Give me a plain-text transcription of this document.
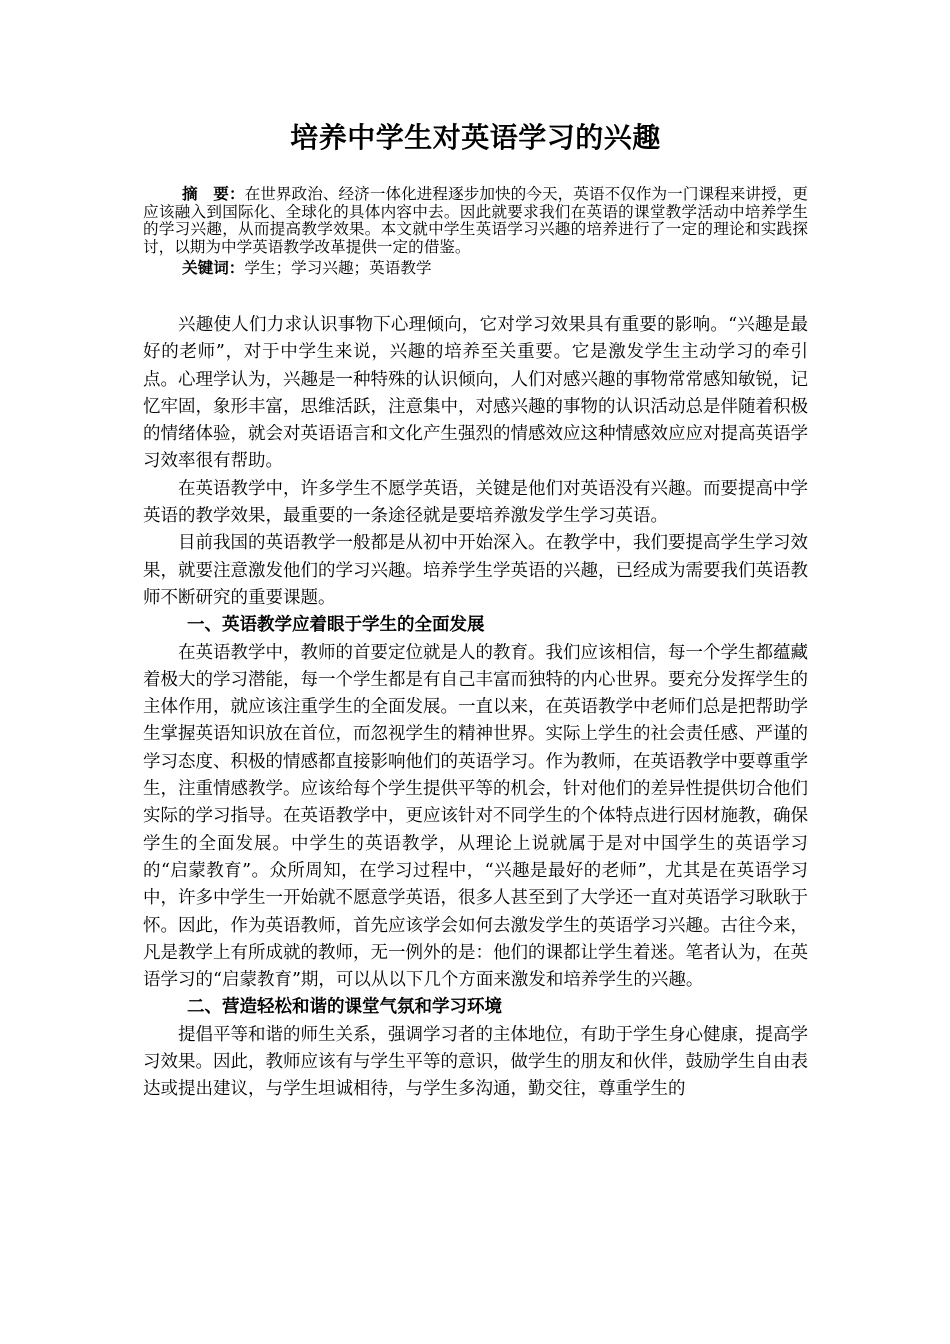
培养中学生对英语学习的兴趣

摘　要：在世界政治、经济一体化进程逐步加快的今天，英语不仅作为一门课程来讲授，更应该融入到国际化、全球化的具体内容中去。因此就要求我们在英语的课堂教学活动中培养学生的学习兴趣，从而提高教学效果。本文就中学生英语学习兴趣的培养进行了一定的理论和实践探讨，以期为中学英语教学改革提供一定的借鉴。

关键词：学生；学习兴趣；英语教学

兴趣使人们力求认识事物下心理倾向，它对学习效果具有重要的影响。“兴趣是最好的老师”，对于中学生来说，兴趣的培养至关重要。它是激发学生主动学习的牵引点。心理学认为，兴趣是一种特殊的认识倾向，人们对感兴趣的事物常常感知敏锐，记忆牢固，象形丰富，思维活跃，注意集中，对感兴趣的事物的认识活动总是伴随着积极的情绪体验，就会对英语语言和文化产生强烈的情感效应这种情感效应应对提高英语学习效率很有帮助。

在英语教学中，许多学生不愿学英语，关键是他们对英语没有兴趣。而要提高中学英语的教学效果，最重要的一条途径就是要培养激发学生学习英语。

目前我国的英语教学一般都是从初中开始深入。在教学中，我们要提高学生学习效果，就要注意激发他们的学习兴趣。培养学生学英语的兴趣，已经成为需要我们英语教师不断研究的重要课题。

一、英语教学应着眼于学生的全面发展

在英语教学中，教师的首要定位就是人的教育。我们应该相信，每一个学生都蕴藏着极大的学习潜能，每一个学生都是有自己丰富而独特的内心世界。要充分发挥学生的主体作用，就应该注重学生的全面发展。一直以来，在英语教学中老师们总是把帮助学生掌握英语知识放在首位，而忽视学生的精神世界。实际上学生的社会责任感、严谨的学习态度、积极的情感都直接影响他们的英语学习。作为教师，在英语教学中要尊重学生，注重情感教学。应该给每个学生提供平等的机会，针对他们的差异性提供切合他们实际的学习指导。在英语教学中，更应该针对不同学生的个体特点进行因材施教，确保学生的全面发展。中学生的英语教学，从理论上说就属于是对中国学生的英语学习的“启蒙教育”。众所周知，在学习过程中，“兴趣是最好的老师”，尤其是在英语学习中，许多中学生一开始就不愿意学英语，很多人甚至到了大学还一直对英语学习耿耿于怀。因此，作为英语教师，首先应该学会如何去激发学生的英语学习兴趣。古往今来，凡是教学上有所成就的教师，无一例外的是：他们的课都让学生着迷。笔者认为，在英语学习的“启蒙教育”期，可以从以下几个方面来激发和培养学生的兴趣。

二、营造轻松和谐的课堂气氛和学习环境

提倡平等和谐的师生关系，强调学习者的主体地位，有助于学生身心健康，提高学习效果。因此，教师应该有与学生平等的意识，做学生的朋友和伙伴，鼓励学生自由表达或提出建议，与学生坦诚相待，与学生多沟通，勤交往，尊重学生的
